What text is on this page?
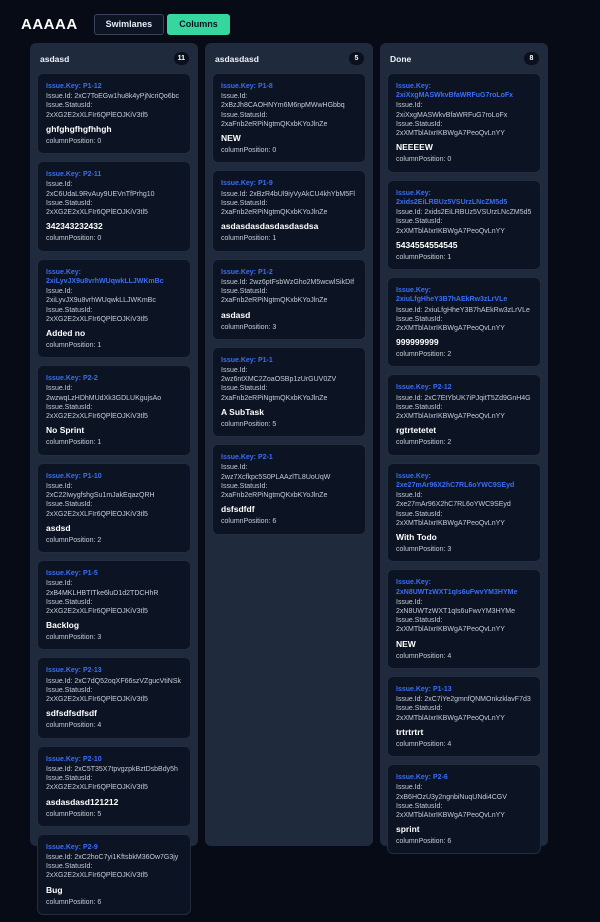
AAAAA	Swimlanes	Columns
asdasd	11
Issue.Key: P1-12
Issue.Id: 2xC7ToEGw1hu8k4yPjNcriQo6bc
Issue.StatusId: 2xXG2E2xXLFIr6QPlEOJKiV3tl5
ghfghgfhgfhhgh
columnPosition: 0
Issue.Key: P2-11
Issue.Id: 2xC6UdaL9RvAuy9UEVnTfPrhg10
Issue.StatusId: 2xXG2E2xXLFIr6QPlEOJKiV3tl5
342343232432
columnPosition: 0
Issue.Key: 2xiLyvJX9u8vrhWUqwkLLJWKmBc
Issue.Id: 2xiLyvJX9u8vrhWUqwkLLJWKmBc
Issue.StatusId: 2xXG2E2xXLFIr6QPlEOJKiV3tl5
Added no
columnPosition: 1
Issue.Key: P2-2
Issue.Id: 2wzwqLzHDhMUdXk3GDLUKgujsAo
Issue.StatusId: 2xXG2E2xXLFIr6QPlEOJKiV3tl5
No Sprint
columnPosition: 1
Issue.Key: P1-10
Issue.Id: 2xC22IwygfshgSu1mJakEqazQRH
Issue.StatusId: 2xXG2E2xXLFIr6QPlEOJKiV3tl5
asdsd
columnPosition: 2
Issue.Key: P1-5
Issue.Id: 2xB4MKLHBTITke6luD1d2TDCHhR
Issue.StatusId: 2xXG2E2xXLFIr6QPlEOJKiV3tl5
Backlog
columnPosition: 3
Issue.Key: P2-13
Issue.Id: 2xC7dQ52oqXF66szVZgucVtiNSk
Issue.StatusId: 2xXG2E2xXLFIr6QPlEOJKiV3tl5
sdfsdfsdfsdf
columnPosition: 4
Issue.Key: P2-10
Issue.Id: 2xC5T35X7tpvgzpkBztDsbBdy5h
Issue.StatusId: 2xXG2E2xXLFIr6QPlEOJKiV3tl5
asdasdasd121212
columnPosition: 5
Issue.Key: P2-9
Issue.Id: 2xC2hoC7yi1KftsbkM36Ow7G3jy
Issue.StatusId: 2xXG2E2xXLFIr6QPlEOJKiV3tl5
Bug
columnPosition: 6
asdasdasd	5
Issue.Key: P1-8
Issue.Id: 2xBzJh8CAOHNYm6M6npMWwHGbbq
Issue.StatusId: 2xaFnb2eRPiNgtmQKxbKYoJlnZe
NEW
columnPosition: 0
Issue.Key: P1-9
Issue.Id: 2xBzR4bUl9iyVyAkCU4khYbM5Fl
Issue.StatusId: 2xaFnb2eRPiNgtmQKxbKYoJlnZe
asdasdasdasdasdasdsa
columnPosition: 1
Issue.Key: P1-2
Issue.Id: 2wz6ptFsbWzGho2M5wcwlSikDIf
Issue.StatusId: 2xaFnb2eRPiNgtmQKxbKYoJlnZe
asdasd
columnPosition: 3
Issue.Key: P1-1
Issue.Id: 2wz6ntXMC2ZoaOSBp1zUrGUV0ZV
Issue.StatusId: 2xaFnb2eRPiNgtmQKxbKYoJlnZe
A SubTask
columnPosition: 5
Issue.Key: P2-1
Issue.Id: 2wz7Xcfkpc5S0PLAAzlTL8UoUqW
Issue.StatusId: 2xaFnb2eRPiNgtmQKxbKYoJlnZe
dsfsdfdf
columnPosition: 6
Done	8
Issue.Key: 2xiXxgMASWkvBfaWRFuG7roLoFx
Issue.Id: 2xiXxgMASWkvBfaWRFuG7roLoFx
Issue.StatusId: 2xXMTblAIxrIKBWgA7PeoQvLnYY
NEEEEW
columnPosition: 0
Issue.Key: 2xids2EiLRBUz5VSUrzLNcZM5d5
Issue.Id: 2xids2EiLRBUz5VSUrzLNcZM5d5
Issue.StatusId: 2xXMTblAIxrIKBWgA7PeoQvLnYY
5434554554545
columnPosition: 1
Issue.Key: 2xiuLfgHheY3B7hAEkRw3zLrVLe
Issue.Id: 2xiuLfgHheY3B7hAEkRw3zLrVLe
Issue.StatusId: 2xXMTblAIxrIKBWgA7PeoQvLnYY
999999999
columnPosition: 2
Issue.Key: P2-12
Issue.Id: 2xC7EtYbUK7iPJqitT5Zd9GnH4G
Issue.StatusId: 2xXMTblAIxrIKBWgA7PeoQvLnYY
rgtrtetetet
columnPosition: 2
Issue.Key: 2xe27mAr96X2hC7RL6oYWC9SEyd
Issue.Id: 2xe27mAr96X2hC7RL6oYWC9SEyd
Issue.StatusId: 2xXMTblAIxrIKBWgA7PeoQvLnYY
With Todo
columnPosition: 3
Issue.Key: 2xN8UWTzWXT1qIs6uFwvYM3HYMe
Issue.Id: 2xN8UWTzWXT1qIs6uFwvYM3HYMe
Issue.StatusId: 2xXMTblAIxrIKBWgA7PeoQvLnYY
NEW
columnPosition: 4
Issue.Key: P1-13
Issue.Id: 2xC7iYe2gmnfQNMOnkzklavF7d3
Issue.StatusId: 2xXMTblAIxrIKBWgA7PeoQvLnYY
trtrtrtrt
columnPosition: 4
Issue.Key: P2-6
Issue.Id: 2xB6HOzU3y2ngnbiNuqUNdi4CGV
Issue.StatusId: 2xXMTblAIxrIKBWgA7PeoQvLnYY
sprint
columnPosition: 6
